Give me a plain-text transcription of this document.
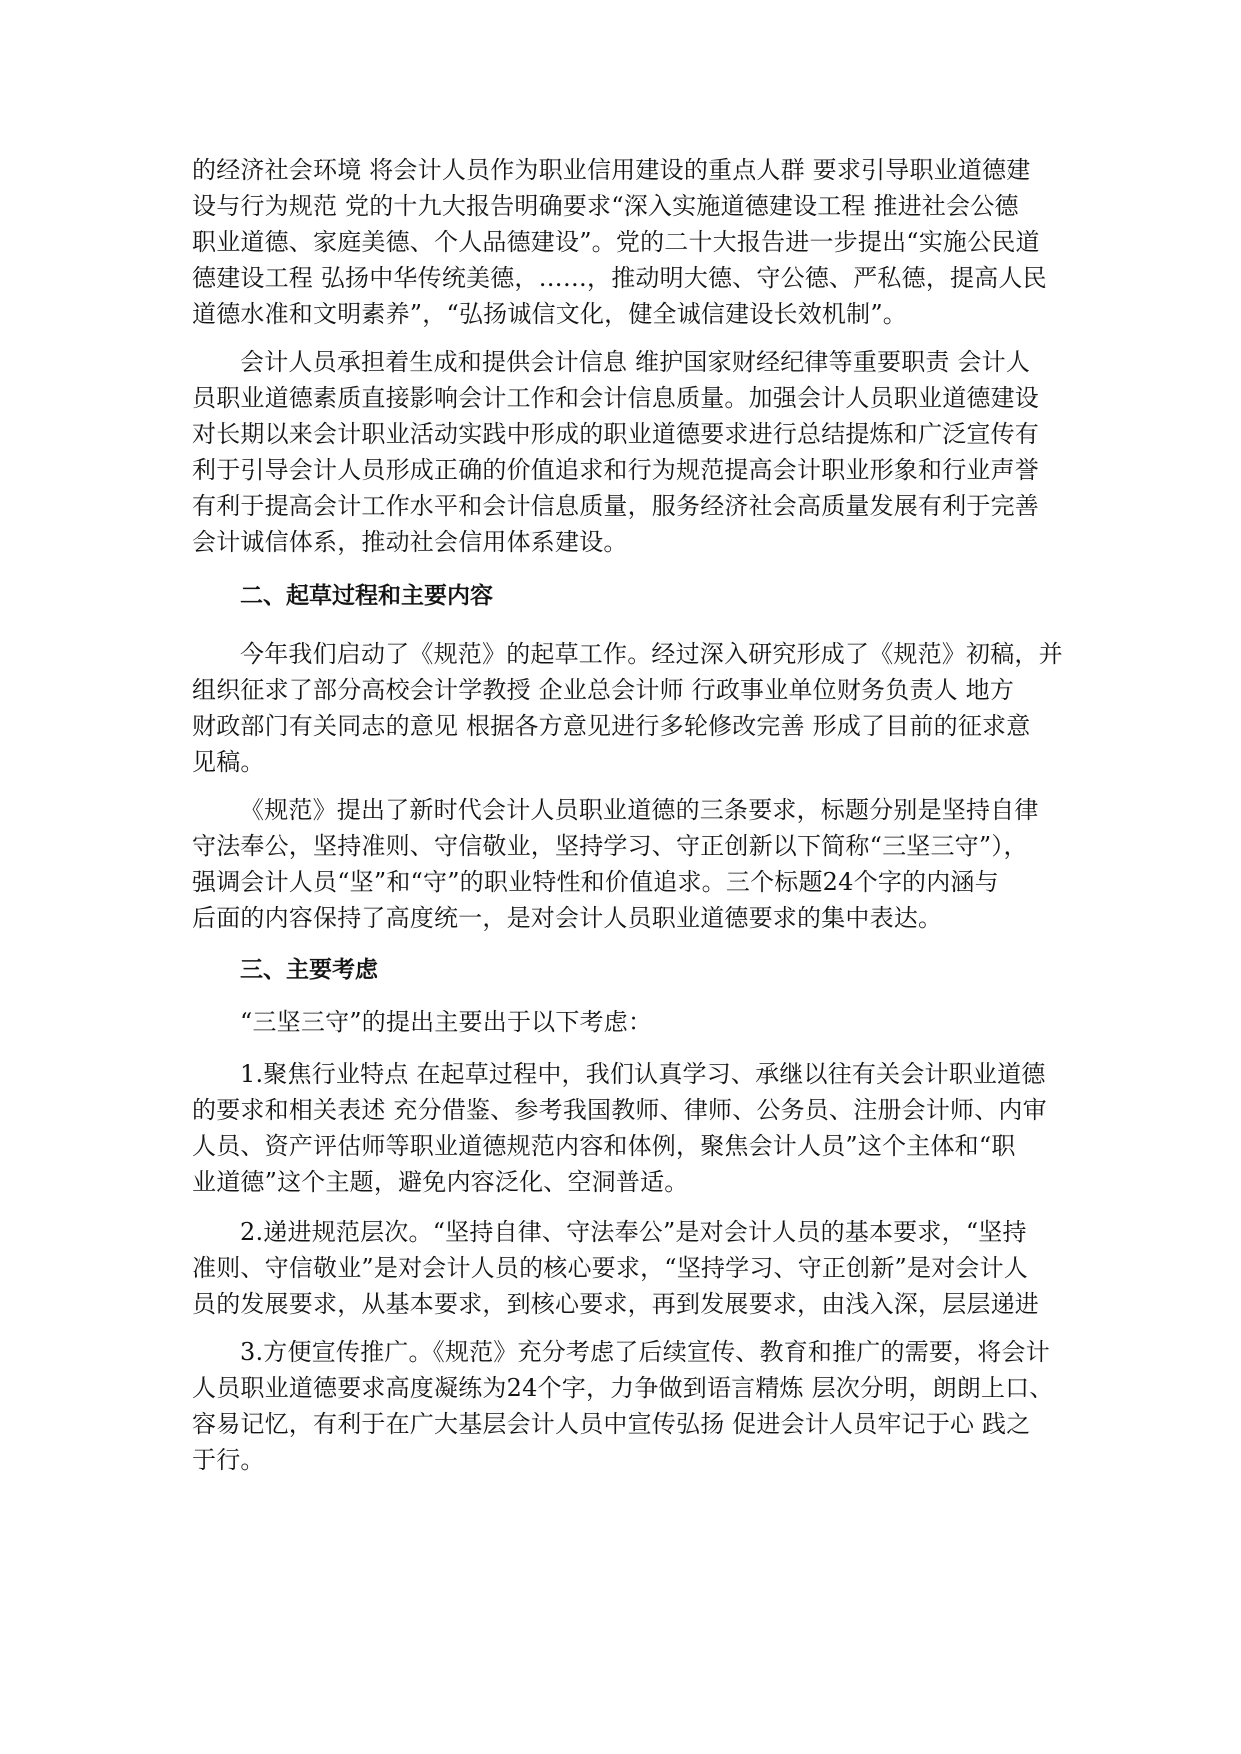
的经济社会环境 将会计人员作为职业信用建设的重点人群 要求引导职业道德建
设与行为规范 党的十九大报告明确要求“深入实施道德建设工程 推进社会公德
职业道德、家庭美德、个人品德建设”。党的二十大报告进一步提出“实施公民道
德建设工程 弘扬中华传统美德，……，推动明大德、守公德、严私德，提高人民
道德水准和文明素养”，“弘扬诚信文化，健全诚信建设长效机制”。
会计人员承担着生成和提供会计信息 维护国家财经纪律等重要职责 会计人
员职业道德素质直接影响会计工作和会计信息质量。加强会计人员职业道德建设
对长期以来会计职业活动实践中形成的职业道德要求进行总结提炼和广泛宣传有
利于引导会计人员形成正确的价值追求和行为规范提高会计职业形象和行业声誉
有利于提高会计工作水平和会计信息质量，服务经济社会高质量发展有利于完善
会计诚信体系，推动社会信用体系建设。
二、起草过程和主要内容
今年我们启动了《规范》的起草工作。经过深入研究形成了《规范》初稿，并
组织征求了部分高校会计学教授 企业总会计师 行政事业单位财务负责人 地方
财政部门有关同志的意见 根据各方意见进行多轮修改完善 形成了目前的征求意
见稿。
《规范》提出了新时代会计人员职业道德的三条要求，标题分别是坚持自律
守法奉公，坚持准则、守信敬业，坚持学习、守正创新以下简称“三坚三守”），
强调会计人员“坚”和“守”的职业特性和价值追求。三个标题24个字的内涵与
后面的内容保持了高度统一，是对会计人员职业道德要求的集中表达。
三、主要考虑
“三坚三守”的提出主要出于以下考虑：
1.聚焦行业特点 在起草过程中，我们认真学习、承继以往有关会计职业道德
的要求和相关表述 充分借鉴、参考我国教师、律师、公务员、注册会计师、内审
人员、资产评估师等职业道德规范内容和体例，聚焦会计人员”这个主体和“职
业道德”这个主题，避免内容泛化、空洞普适。
2.递进规范层次。“坚持自律、守法奉公”是对会计人员的基本要求，“坚持
准则、守信敬业”是对会计人员的核心要求，“坚持学习、守正创新”是对会计人
员的发展要求，从基本要求，到核心要求，再到发展要求，由浅入深，层层递进
3.方便宣传推广。《规范》充分考虑了后续宣传、教育和推广的需要，将会计
人员职业道德要求高度凝练为24个字，力争做到语言精炼 层次分明，朗朗上口、
容易记忆，有利于在广大基层会计人员中宣传弘扬 促进会计人员牢记于心 践之
于行。
